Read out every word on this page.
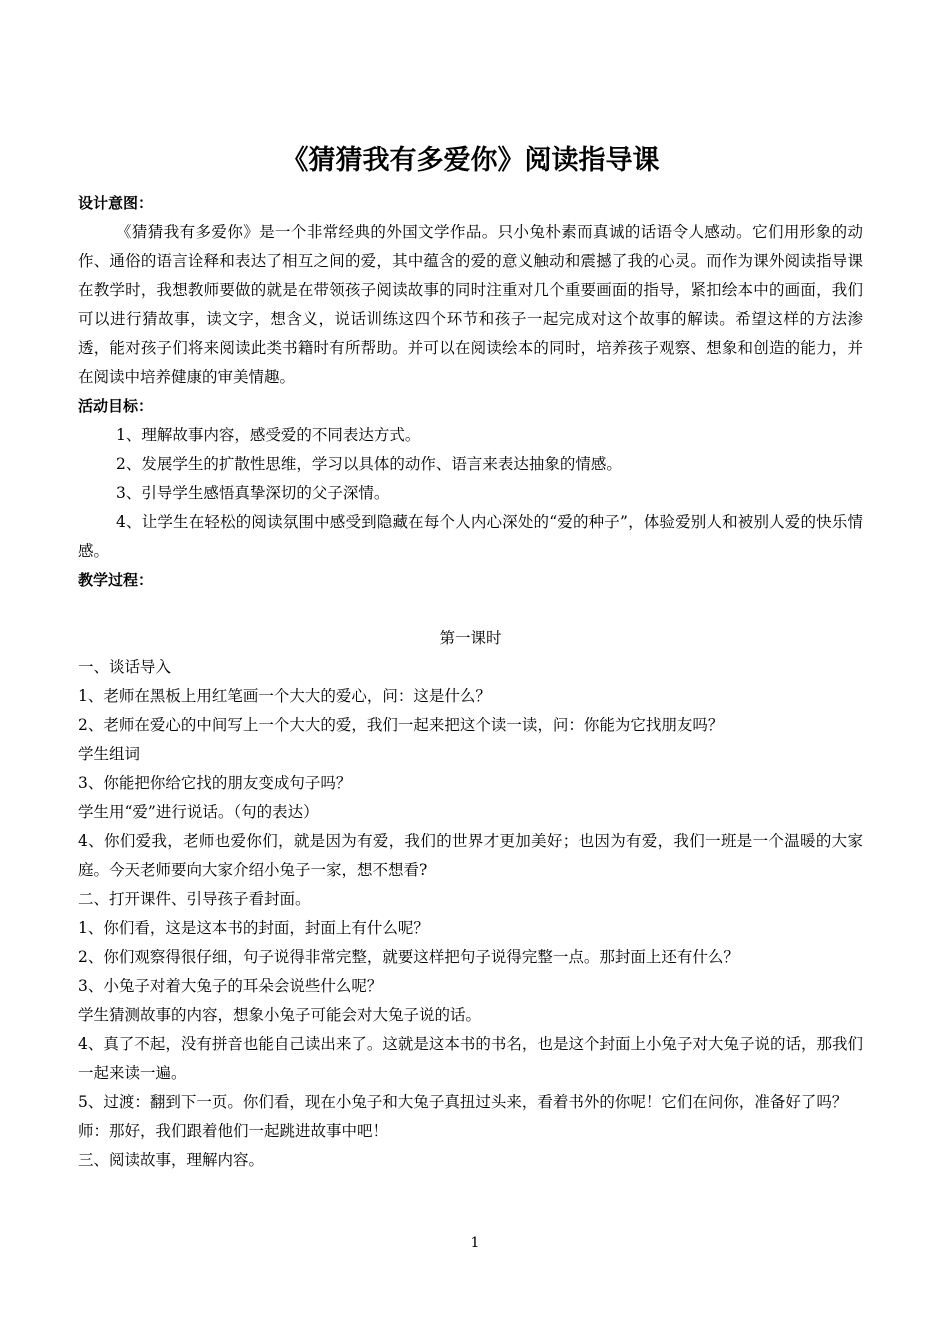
《猜猜我有多爱你》阅读指导课

设计意图：

《猜猜我有多爱你》是一个非常经典的外国文学作品。只小兔朴素而真诚的话语令人感动。它们用形象的动作、通俗的语言诠释和表达了相互之间的爱，其中蕴含的爱的意义触动和震撼了我的心灵。而作为课外阅读指导课在教学时，我想教师要做的就是在带领孩子阅读故事的同时注重对几个重要画面的指导，紧扣绘本中的画面，我们可以进行猜故事，读文字，想含义，说话训练这四个环节和孩子一起完成对这个故事的解读。希望这样的方法渗透，能对孩子们将来阅读此类书籍时有所帮助。并可以在阅读绘本的同时，培养孩子观察、想象和创造的能力，并在阅读中培养健康的审美情趣。

活动目标：

1、理解故事内容，感受爱的不同表达方式。

2、发展学生的扩散性思维，学习以具体的动作、语言来表达抽象的情感。

3、引导学生感悟真挚深切的父子深情。

4、让学生在轻松的阅读氛围中感受到隐藏在每个人内心深处的“爱的种子”，体验爱别人和被别人爱的快乐情感。

教学过程：

第一课时

一、谈话导入

1、老师在黑板上用红笔画一个大大的爱心，问：这是什么？

2、老师在爱心的中间写上一个大大的爱，我们一起来把这个读一读，问：你能为它找朋友吗？

学生组词

3、你能把你给它找的朋友变成句子吗？

学生用“爱”进行说话。（句的表达）

4、你们爱我，老师也爱你们，就是因为有爱，我们的世界才更加美好；也因为有爱，我们一班是一个温暖的大家庭。今天老师要向大家介绍小兔子一家，想不想看?

二、打开课件、引导孩子看封面。

1、你们看，这是这本书的封面，封面上有什么呢？

2、你们观察得很仔细，句子说得非常完整，就要这样把句子说得完整一点。那封面上还有什么？

3、小兔子对着大兔子的耳朵会说些什么呢？

学生猜测故事的内容，想象小兔子可能会对大兔子说的话。

4、真了不起，没有拼音也能自己读出来了。这就是这本书的书名，也是这个封面上小兔子对大兔子说的话，那我们一起来读一遍。

5、过渡：翻到下一页。你们看，现在小兔子和大兔子真扭过头来，看着书外的你呢！它们在问你，准备好了吗？

师：那好，我们跟着他们一起跳进故事中吧！

三、阅读故事，理解内容。

1
